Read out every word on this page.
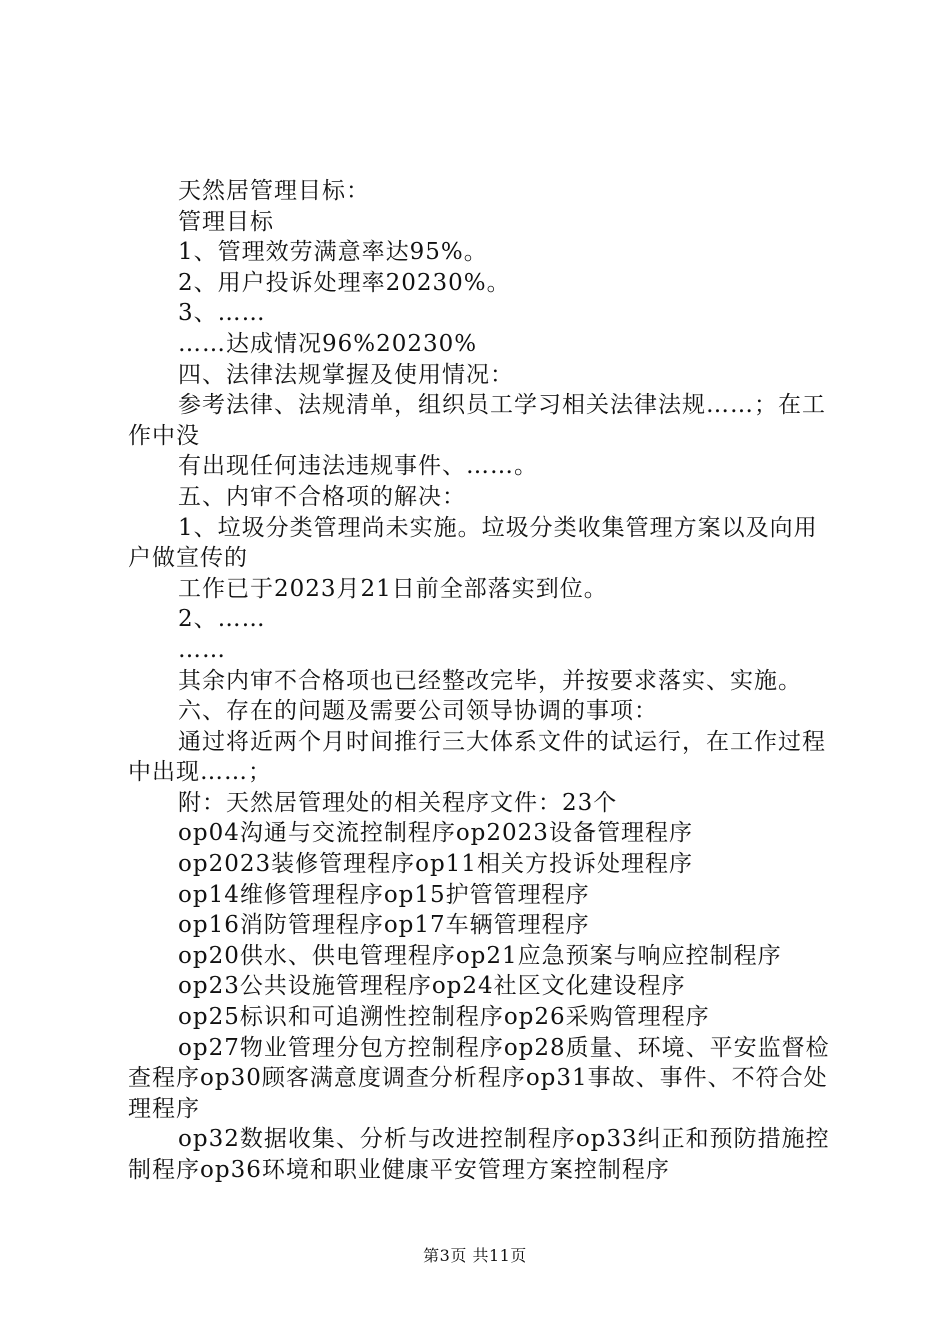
天然居管理目标：

管理目标

1、管理效劳满意率达95%。

2、用户投诉处理率20230%。

3、……

……达成情况96%20230%

四、法律法规掌握及使用情况：

参考法律、法规清单，组织员工学习相关法律法规……；在工作中没

有出现任何违法违规事件、……。

五、内审不合格项的解决：

1、垃圾分类管理尚未实施。垃圾分类收集管理方案以及向用户做宣传的

工作已于2023月21日前全部落实到位。

2、……

……

其余内审不合格项也已经整改完毕，并按要求落实、实施。

六、存在的问题及需要公司领导协调的事项：

通过将近两个月时间推行三大体系文件的试运行，在工作过程中出现……；

附：天然居管理处的相关程序文件：23个

op04沟通与交流控制程序op2023设备管理程序

op2023装修管理程序op11相关方投诉处理程序

op14维修管理程序op15护管管理程序

op16消防管理程序op17车辆管理程序

op20供水、供电管理程序op21应急预案与响应控制程序

op23公共设施管理程序op24社区文化建设程序

op25标识和可追溯性控制程序op26采购管理程序

op27物业管理分包方控制程序op28质量、环境、平安监督检查程序op30顾客满意度调查分析程序op31事故、事件、不符合处理程序

op32数据收集、分析与改进控制程序op33纠正和预防措施控制程序op36环境和职业健康平安管理方案控制程序

第3页 共11页
